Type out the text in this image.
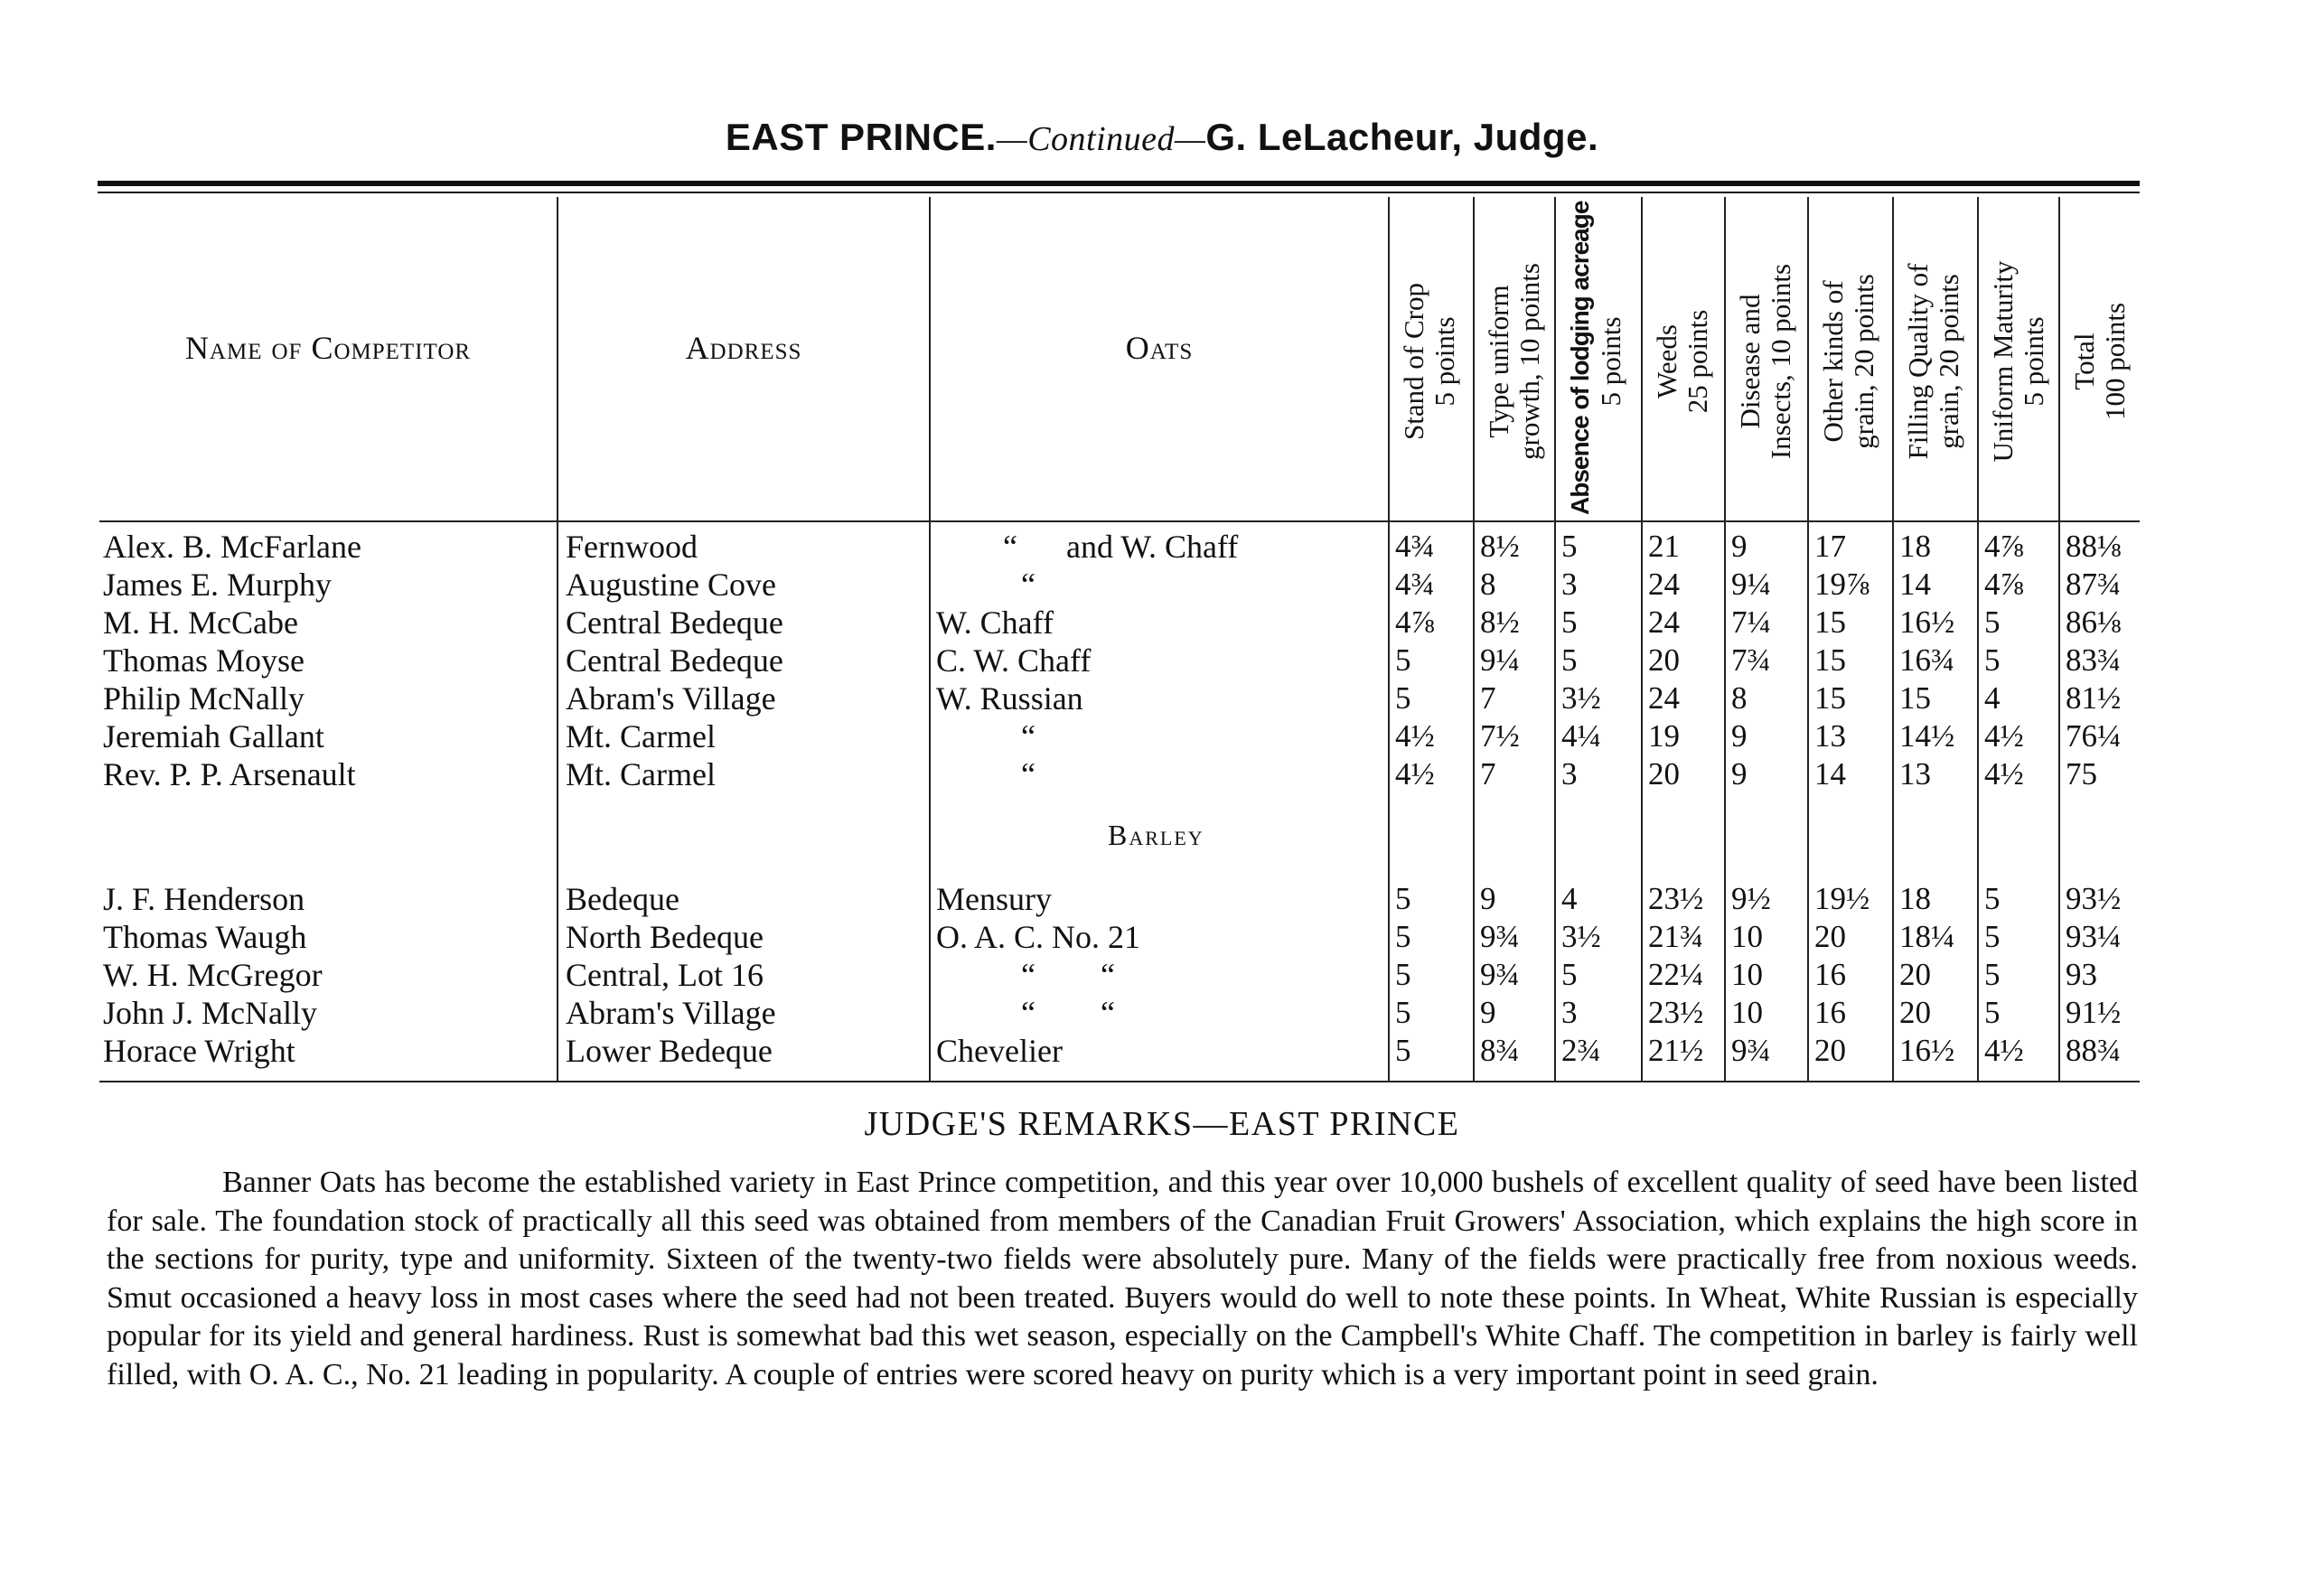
EAST PRINCE.—Continued—G. LeLacheur, Judge.
Name of Competitor	Address	Oats	Stand of Crop 5 points Type uniform growth, 10 points Absence of lodging acreage 5 points Weeds 25 points Disease and Insects, 10 points Other kinds of grain, 20 points Filling Quality of grain, 20 points Uniform Maturity 5 points Total 100 points
Alex. B. McFarlane	Fernwood	“      and W. Chaff	4¾ 8½ 5 21 9 17 18 4⅞ 88⅛
James E. Murphy	Augustine Cove	“	4¾ 8 3 24 9¼ 19⅞ 14 4⅞ 87¾
M. H. McCabe	Central Bedeque	W. Chaff	4⅞ 8½ 5 24 7¼ 15 16½ 5 86⅛
Thomas Moyse	Central Bedeque	C. W. Chaff	5 9¼ 5 20 7¾ 15 16¾ 5 83¾
Philip McNally	Abram's Village	W. Russian	5 7 3½ 24 8 15 15 4 81½
Jeremiah Gallant	Mt. Carmel	“	4½ 7½ 4¼ 19 9 13 14½ 4½ 76¼
Rev. P. P. Arsenault	Mt. Carmel	“	4½ 7 3 20 9 14 13 4½ 75
Barley
J. F. Henderson	Bedeque	Mensury	5 9 4 23½ 9½ 19½ 18 5 93½
Thomas Waugh	North Bedeque	O. A. C. No. 21	5 9¾ 3½ 21¾ 10 20 18¼ 5 93¼
W. H. McGregor	Central, Lot 16	“        “	5 9¾ 5 22¼ 10 16 20 5 93
John J. McNally	Abram's Village	“        “	5 9 3 23½ 10 16 20 5 91½
Horace Wright	Lower Bedeque	Chevelier	5 8¾ 2¾ 21½ 9¾ 20 16½ 4½ 88¾
JUDGE'S REMARKS—EAST PRINCE

Banner Oats has become the established variety in East Prince competition, and this year over 10,000 bushels of excellent quality of seed have been listed for sale. The foundation stock of practically all this seed was obtained from members of the Canadian Fruit Growers' Association, which explains the high score in the sections for purity, type and uniformity. Sixteen of the twenty-two fields were absolutely pure. Many of the fields were practically free from noxious weeds. Smut occasioned a heavy loss in most cases where the seed had not been treated. Buyers would do well to note these points. In Wheat, White Russian is especially popular for its yield and general hardiness. Rust is somewhat bad this wet season, especially on the Campbell's White Chaff. The competition in barley is fairly well filled, with O. A. C., No. 21 leading in popularity. A couple of entries were scored heavy on purity which is a very important point in seed grain.
